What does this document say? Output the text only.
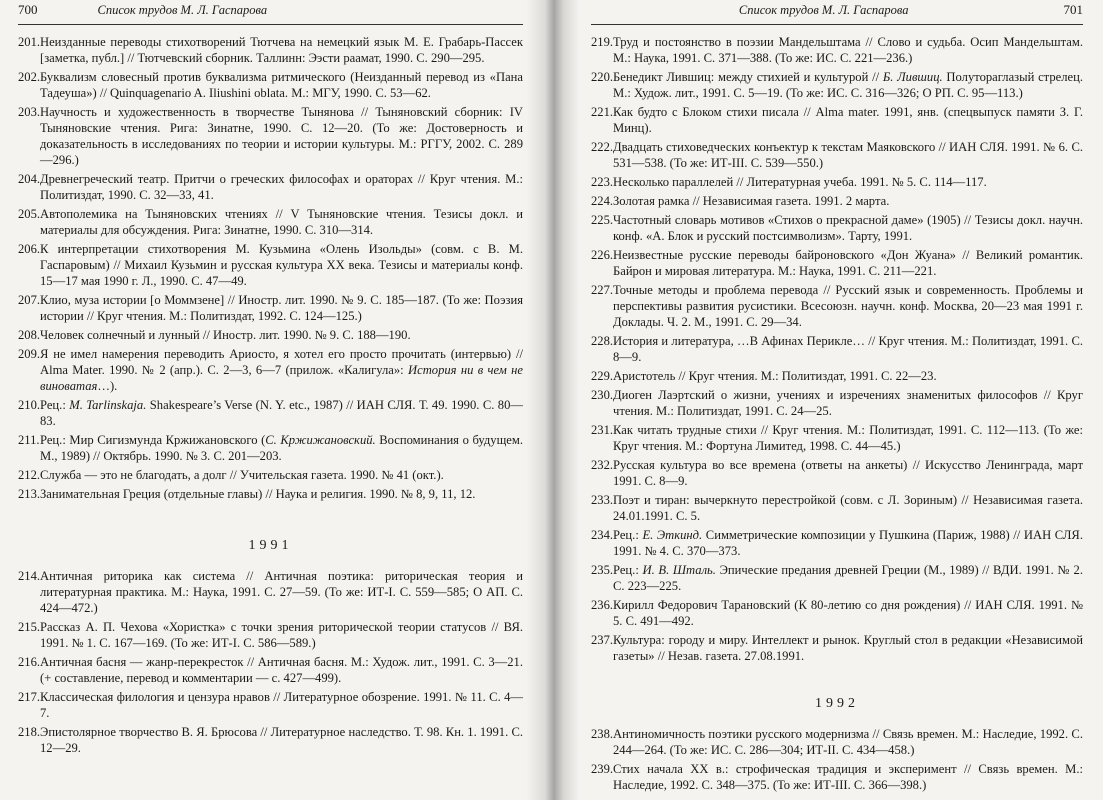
700	Список трудов М. Л. Гаспарова
201. Неизданные переводы стихотворений Тютчева на немецкий язык М. Е. Грабарь-Пассек [заметка, публ.] // Тютчевский сборник. Таллинн: Ээсти раамат, 1990. С. 290—295.
202. Буквализм словесный против буквализма ритмического (Неизданный перевод из «Пана Тадеуша») // Quinquagenario A. Iliushini oblata. М.: МГУ, 1990. С. 53—62.
203. Научность и художественность в творчестве Тынянова // Тыняновский сборник: IV Тыняновские чтения. Рига: Зинатне, 1990. С. 12—20. (То же: Достоверность и доказательность в исследованиях по теории и истории культуры. М.: РГГУ, 2002. С. 289—296.)
204. Древнегреческий театр. Притчи о греческих философах и ораторах // Круг чтения. М.: Политиздат, 1990. С. 32—33, 41.
205. Автополемика на Тыняновских чтениях // V Тыняновские чтения. Тезисы докл. и материалы для обсуждения. Рига: Зинатне, 1990. С. 310—314.
206. К интерпретации стихотворения М. Кузьмина «Олень Изольды» (совм. с В. М. Гаспаровым) // Михаил Кузьмин и русская культура XX века. Тезисы и материалы конф. 15—17 мая 1990 г. Л., 1990. С. 47—49.
207. Клио, муза истории [о Моммзене] // Иностр. лит. 1990. № 9. С. 185—187. (То же: Поэзия истории // Круг чтения. М.: Политиздат, 1992. С. 124—125.)
208. Человек солнечный и лунный // Иностр. лит. 1990. № 9. С. 188—190.
209. Я не имел намерения переводить Ариосто, я хотел его просто прочитать (интервью) // Alma Mater. 1990. № 2 (апр.). С. 2—3, 6—7 (прилож. «Калигула»: История ни в чем не виноватая…).
210. Рец.: M. Tarlinskaja. Shakespeare’s Verse (N. Y. etc., 1987) // ИАН СЛЯ. Т. 49. 1990. С. 80—83.
211. Рец.: Мир Сигизмунда Кржижановского (С. Кржижановский. Воспоминания о будущем. М., 1989) // Октябрь. 1990. № 3. С. 201—203.
212. Служба — это не благодать, а долг // Учительская газета. 1990. № 41 (окт.).
213. Занимательная Греция (отдельные главы) // Наука и религия. 1990. № 8, 9, 11, 12.
1991
214. Античная риторика как система // Античная поэтика: риторическая теория и литературная практика. М.: Наука, 1991. С. 27—59. (То же: ИТ-I. С. 559—585; О АП. С. 424—472.)
215. Рассказ А. П. Чехова «Хористка» с точки зрения риторической теории статусов // ВЯ. 1991. № 1. С. 167—169. (То же: ИТ-I. С. 586—589.)
216. Античная басня — жанр-перекресток // Античная басня. М.: Худож. лит., 1991. С. 3—21. (+ составление, перевод и комментарии — с. 427—499).
217. Классическая филология и цензура нравов // Литературное обозрение. 1991. № 11. С. 4—7.
218. Эпистолярное творчество В. Я. Брюсова // Литературное наследство. Т. 98. Кн. 1. 1991. С. 12—29.
Список трудов М. Л. Гаспарова	701
219. Труд и постоянство в поэзии Мандельштама // Слово и судьба. Осип Мандельштам. М.: Наука, 1991. С. 371—388. (То же: ИС. С. 221—236.)
220. Бенедикт Лившиц: между стихией и культурой // Б. Лившиц. Полутораглазый стрелец. М.: Худож. лит., 1991. С. 5—19. (То же: ИС. С. 316—326; О РП. С. 95—113.)
221. Как будто с Блоком стихи писала // Alma mater. 1991, янв. (спецвыпуск памяти З. Г. Минц).
222. Двадцать стиховедческих конъектур к текстам Маяковского // ИАН СЛЯ. 1991. № 6. С. 531—538. (То же: ИТ-III. С. 539—550.)
223. Несколько параллелей // Литературная учеба. 1991. № 5. С. 114—117.
224. Золотая рамка // Независимая газета. 1991. 2 марта.
225. Частотный словарь мотивов «Стихов о прекрасной даме» (1905) // Тезисы докл. научн. конф. «А. Блок и русский постсимволизм». Тарту, 1991.
226. Неизвестные русские переводы байроновского «Дон Жуана» // Великий романтик. Байрон и мировая литература. М.: Наука, 1991. С. 211—221.
227. Точные методы и проблема перевода // Русский язык и современность. Проблемы и перспективы развития русистики. Всесоюзн. научн. конф. Москва, 20—23 мая 1991 г. Доклады. Ч. 2. М., 1991. С. 29—34.
228. История и литература, …В Афинах Перикле… // Круг чтения. М.: Политиздат, 1991. С. 8—9.
229. Аристотель // Круг чтения. М.: Политиздат, 1991. С. 22—23.
230. Диоген Лаэртский о жизни, учениях и изречениях знаменитых философов // Круг чтения. М.: Политиздат, 1991. С. 24—25.
231. Как читать трудные стихи // Круг чтения. М.: Политиздат, 1991. С. 112—113. (То же: Круг чтения. М.: Фортуна Лимитед, 1998. С. 44—45.)
232. Русская культура во все времена (ответы на анкеты) // Искусство Ленинграда, март 1991. С. 8—9.
233. Поэт и тиран: вычеркнуто перестройкой (совм. с Л. Зориным) // Независимая газета. 24.01.1991. С. 5.
234. Рец.: Е. Эткинд. Симметрические композиции у Пушкина (Париж, 1988) // ИАН СЛЯ. 1991. № 4. С. 370—373.
235. Рец.: И. В. Шталь. Эпические предания древней Греции (М., 1989) // ВДИ. 1991. № 2. С. 223—225.
236. Кирилл Федорович Тарановский (К 80-летию со дня рождения) // ИАН СЛЯ. 1991. № 5. С. 491—492.
237. Культура: городу и миру. Интеллект и рынок. Круглый стол в редакции «Независимой газеты» // Незав. газета. 27.08.1991.
1992
238. Антиномичность поэтики русского модернизма // Связь времен. М.: Наследие, 1992. С. 244—264. (То же: ИС. С. 286—304; ИТ-II. С. 434—458.)
239. Стих начала XX в.: строфическая традиция и эксперимент // Связь времен. М.: Наследие, 1992. С. 348—375. (То же: ИТ-III. С. 366—398.)
